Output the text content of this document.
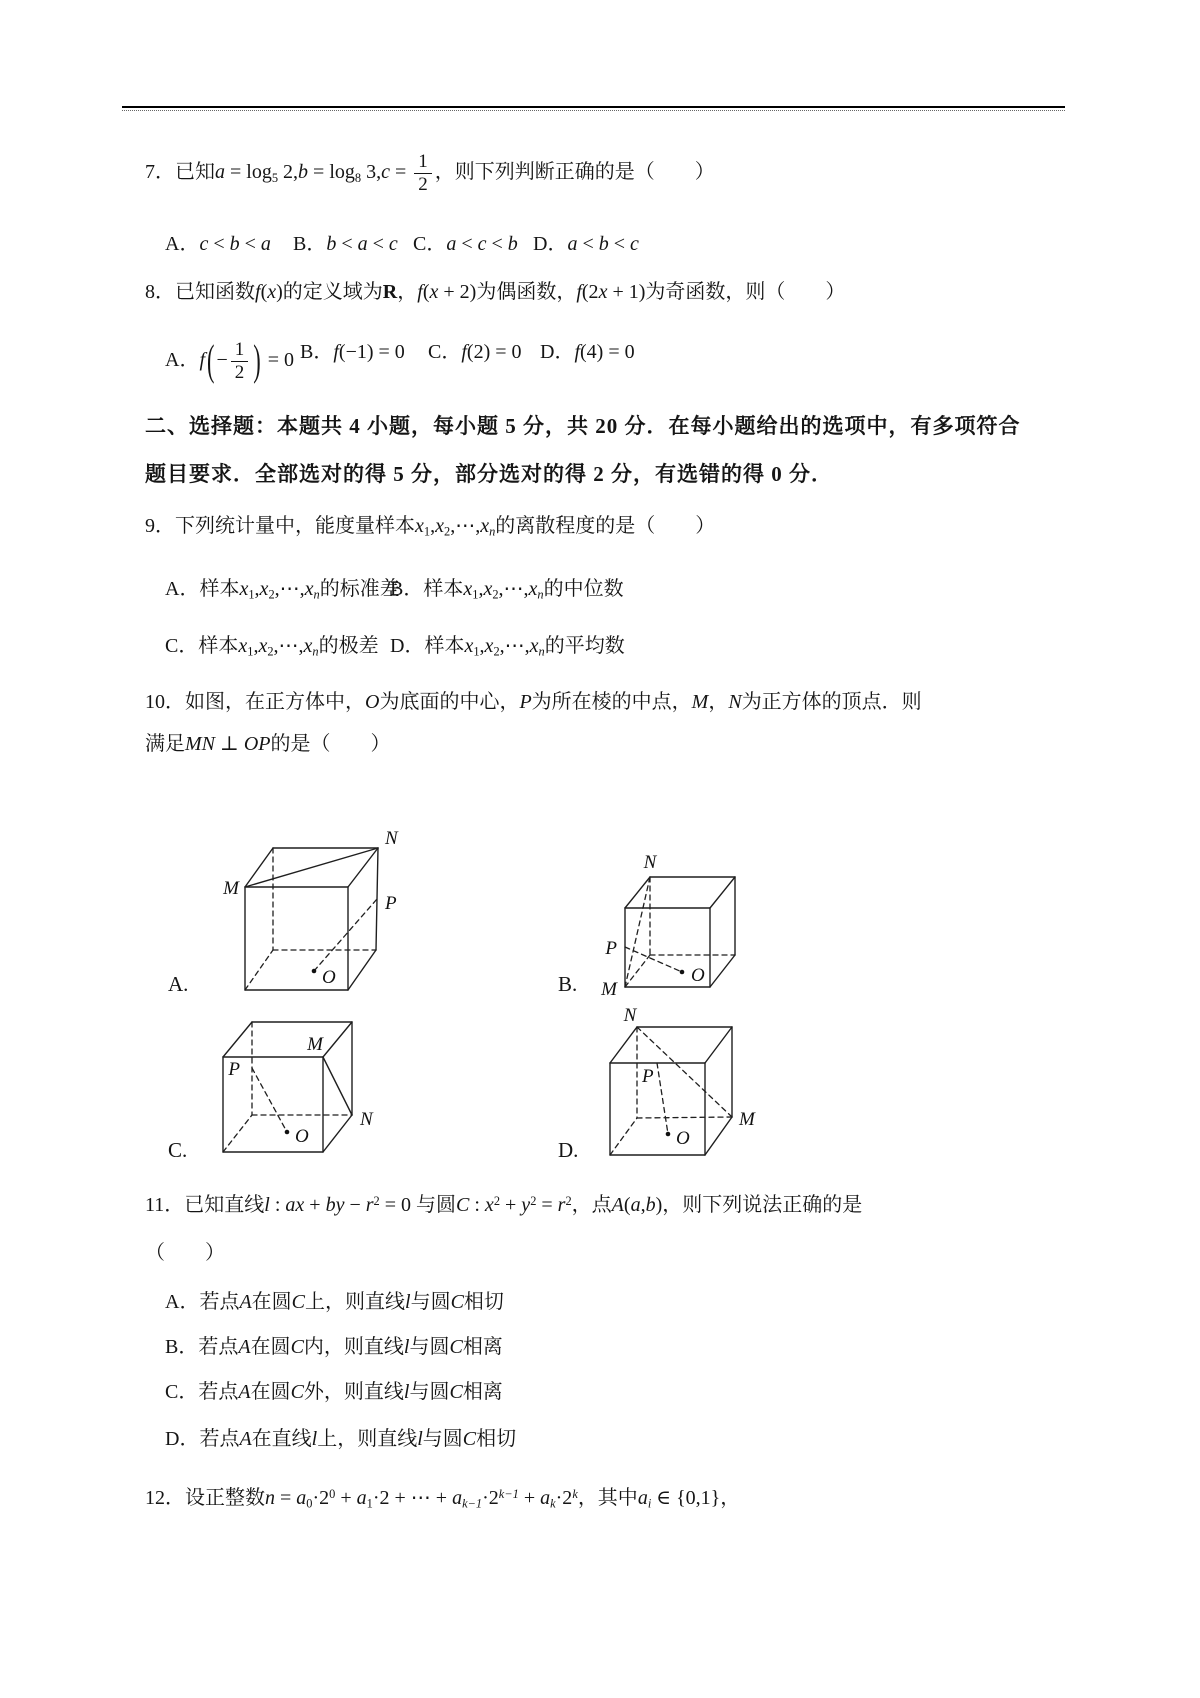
7．已知a = log5 2,b = log8 $3,c = \frac{1}{2}$ ，则下列判断正确的是（　　）
A．c < b < a B．b < a < c C．a < c < b D．a < b < c
8．已知函数f(x)的定义域为R，f(x + 2)为偶函数，f(2x + 1)为奇函数，则（　　）
A．$f( - \frac{1}{2}$ ) = 0 B．f(−1) = 0 C．f(2) = 0 D．f(4) = 0
二、选择题：本题共 4 小题，每小题 5 分，共 20 分．在每小题给出的选项中，有多项符合
题目要求．全部选对的得 5 分，部分选对的得 2 分，有选错的得 0 分．
9．下列统计量中，能度量样本x1,x2,⋯,xn的离散程度的是（　　）
A．样本x1,x2,⋯,xn的标准差
B．样本x1,x2,⋯,xn的中位数
C．样本x1,x2,⋯,xn的极差 D．样本x1,x2,⋯,xn的平均数
10．如图，在正方体中，O为底面的中心，P为所在棱的中点，M，N为正方体的顶点．则
满足MN ⊥ OP的是（　　）
M
N
P
O
A.
N
P
M
O
B.
M
P
N
O
C.
N
P
M
O
D.
11．已知直线l : ax + by − $r^2 = 0$ 与圆C : $x^2 + y^2 = r^2$，点A(a,b)，则下列说法正确的是
（　　）
A．若点A在圆C上，则直线l与圆C相切
B．若点A在圆C内，则直线l与圆C相离
C．若点A在圆C外，则直线l与圆C相离
D．若点A在直线l上，则直线l与圆C相切
12．设正整数$n = a0\cdot 2^0 + a1\cdot 2$ + ⋯ + $ak-1\cdot 2^{k-1} + ak\cdot 2^k$，其中ai ∈ {0,1}，
